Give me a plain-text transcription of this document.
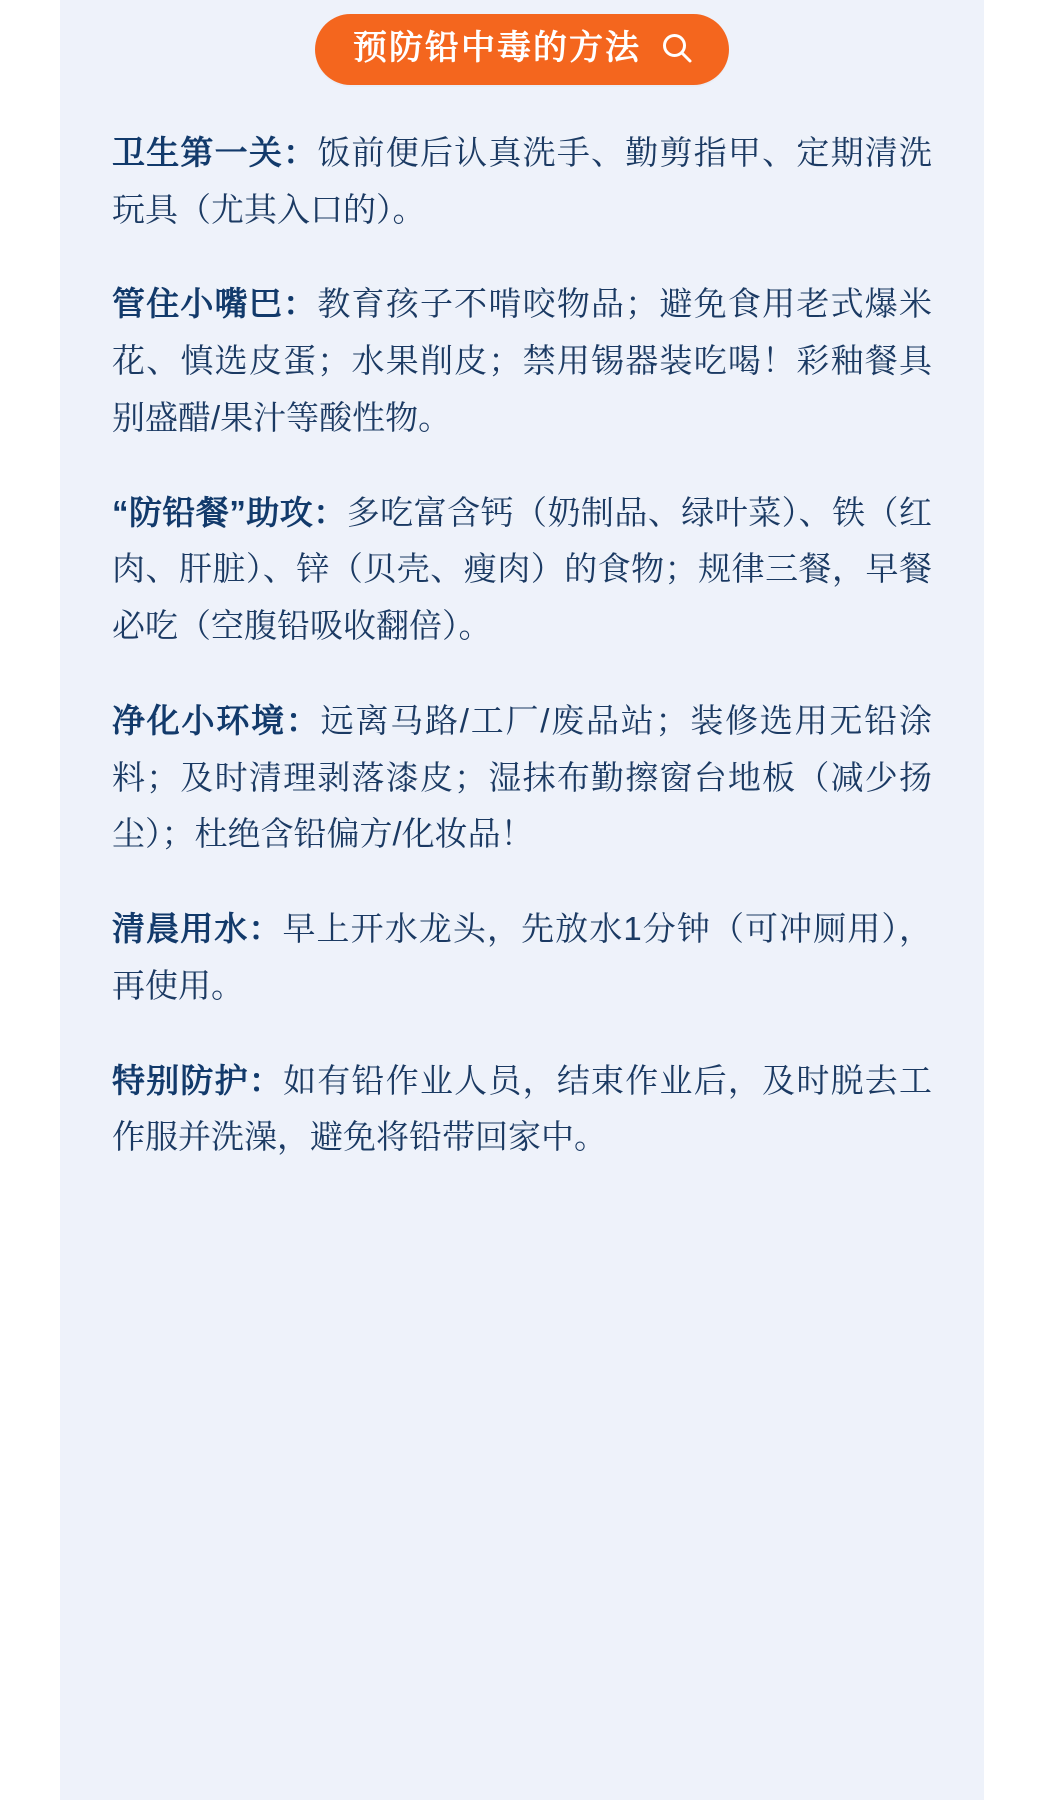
预防铅中毒的方法

卫生第一关：饭前便后认真洗手、勤剪指甲、定期清洗玩具（尤其入口的）。

管住小嘴巴：教育孩子不啃咬物品；避免食用老式爆米花、慎选皮蛋；水果削皮；禁用锡器装吃喝！彩釉餐具别盛醋/果汁等酸性物。

“防铅餐”助攻：多吃富含钙（奶制品、绿叶菜）、铁（红肉、肝脏）、锌（贝壳、瘦肉）的食物；规律三餐，早餐必吃（空腹铅吸收翻倍）。

净化小环境：远离马路/工厂/废品站；装修选用无铅涂料；及时清理剥落漆皮；湿抹布勤擦窗台地板（减少扬尘）；杜绝含铅偏方/化妆品！

清晨用水：早上开水龙头，先放水1分钟（可冲厕用），再使用。

特别防护：如有铅作业人员，结束作业后，及时脱去工作服并洗澡，避免将铅带回家中。
